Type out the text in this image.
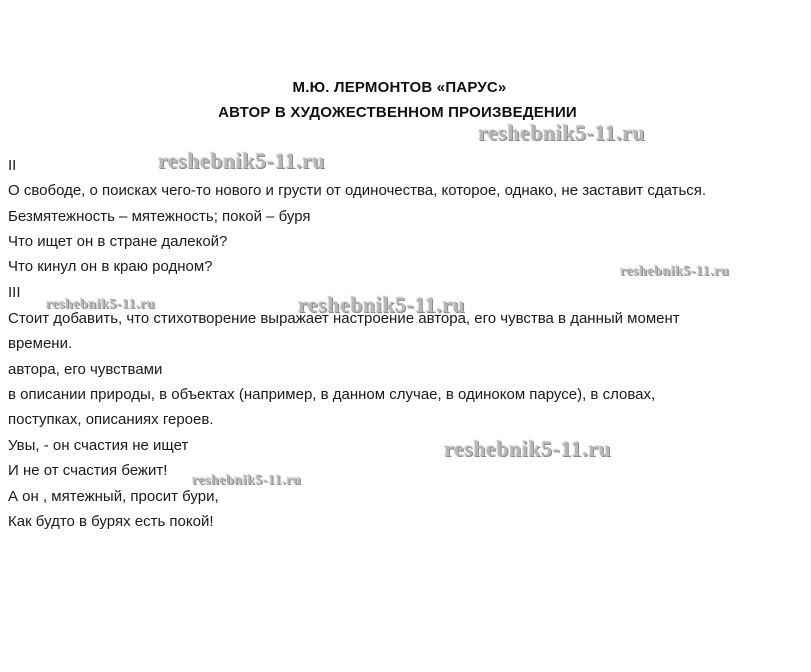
М.Ю. ЛЕРМОНТОВ «ПАРУС»
АВТОР В ХУДОЖЕСТВЕННОМ ПРОИЗВЕДЕНИИ
II
О свободе, о поисках чего-то нового и грусти от одиночества, которое, однако, не заставит сдаться.
Безмятежность – мятежность; покой – буря
Что ищет он в стране далекой?
Что кинул он в краю родном?
III
Стоит добавить, что стихотворение выражает настроение автора, его чувства в данный момент
времени.
автора, его чувствами
в описании природы, в объектах (например, в данном случае, в одиноком парусе), в словах,
поступках, описаниях героев.
Увы, - он счастия не ищет
И не от счастия бежит!
А он , мятежный, просит бури,
Как будто в бурях есть покой!
reshebnik5-11.ru
reshebnik5-11.ru
reshebnik5-11.ru
reshebnik5-11.ru	reshebnik5-11.ru
reshebnik5-11.ru
reshebnik5-11.ru
